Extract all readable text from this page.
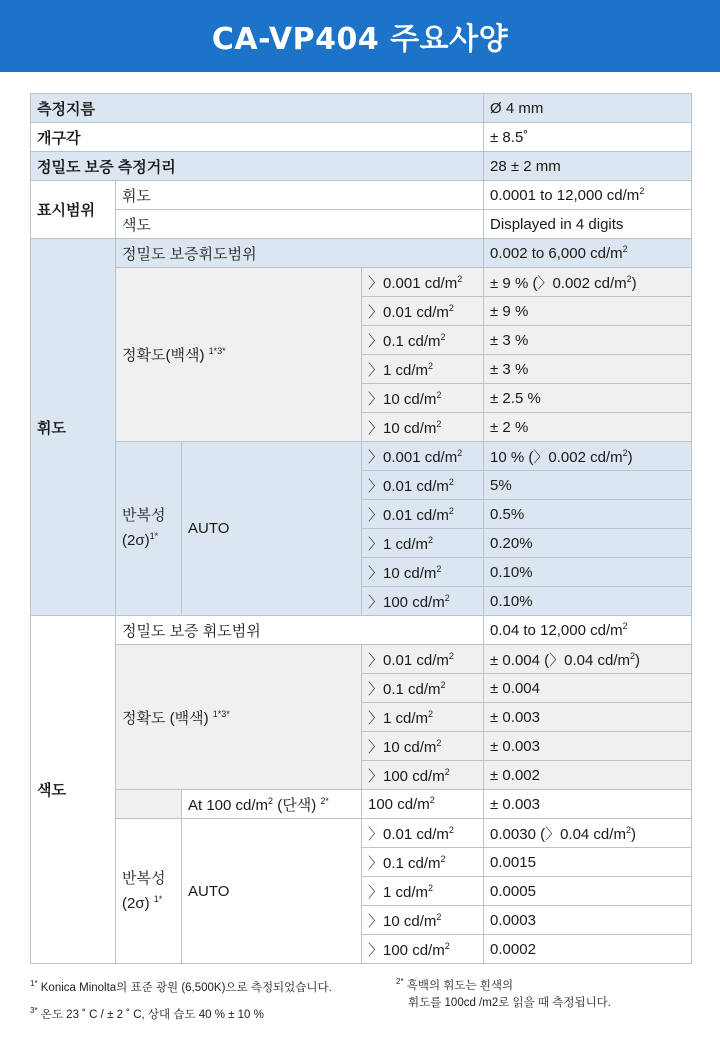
CA-VP404 주요사양
측정지름				Ø 4 mm
개구각				± 8.5˚
정밀도 보증 측정거리				28 ± 2 mm
표시범위	휘도			0.0001 to 12,000 $cd/m^2$
	색도			Displayed in 4 digits
휘도	정밀도 보증휘도범위			0.002 to 6,000 $cd/m^2$
	정확도(백색) $^{1*3*}$		〉0.001 $cd/m^2$	± 9 % (〉0.002 $cd/m^2$)
			〉0.01 $cd/m^2$	± 9 %
			〉0.1 $cd/m^2$	± 3 %
			〉1 $cd/m^2$	± 3 %
			〉10 $cd/m^2$	± 2.5 %
			〉10 $cd/m^2$	± 2 %
	반복성
$(2\sigma)^{1*}$	AUTO	〉0.001 $cd/m^2$	10 % (〉0.002 $cd/m^2$)
			〉0.01 $cd/m^2$	5%
			〉0.01 $cd/m^2$	0.5%
			〉1 $cd/m^2$	0.20%
			〉10 $cd/m^2$	0.10%
			〉100 $cd/m^2$	0.10%
색도	정밀도 보증 휘도범위			0.04 to 12,000 $cd/m^2$
	정확도 (백색) $^{1*3*}$		〉0.01 $cd/m^2$	± 0.004 (〉0.04 $cd/m^2$)
			〉0.1 $cd/m^2$	± 0.004
			〉1 $cd/m^2$	± 0.003
			〉10 $cd/m^2$	± 0.003
			〉100 $cd/m^2$	± 0.002
		At 100 $cd/m^2$ (단색) $^{2*}$	100 $cd/m^2$	± 0.003
	반복성
(2σ) $^{1*}$	AUTO	〉0.01 $cd/m^2$	0.0030 (〉0.04 $cd/m^2$)
			〉0.1 $cd/m^2$	0.0015
			〉1 $cd/m^2$	0.0005
			〉10 $cd/m^2$	0.0003
			〉100 $cd/m^2$	0.0002
$^{1*}$ Konica Minolta의 표준 광원 (6,500K)으로 측정되었습니다.
$^{2*}$ 흑백의 휘도는 흰색의
휘도를 100cd /m2로 읽을 때 측정됩니다.
$^{3*}$ 온도 23 ˚ C / ± 2 ˚ C, 상대 습도 40 % ± 10 %
